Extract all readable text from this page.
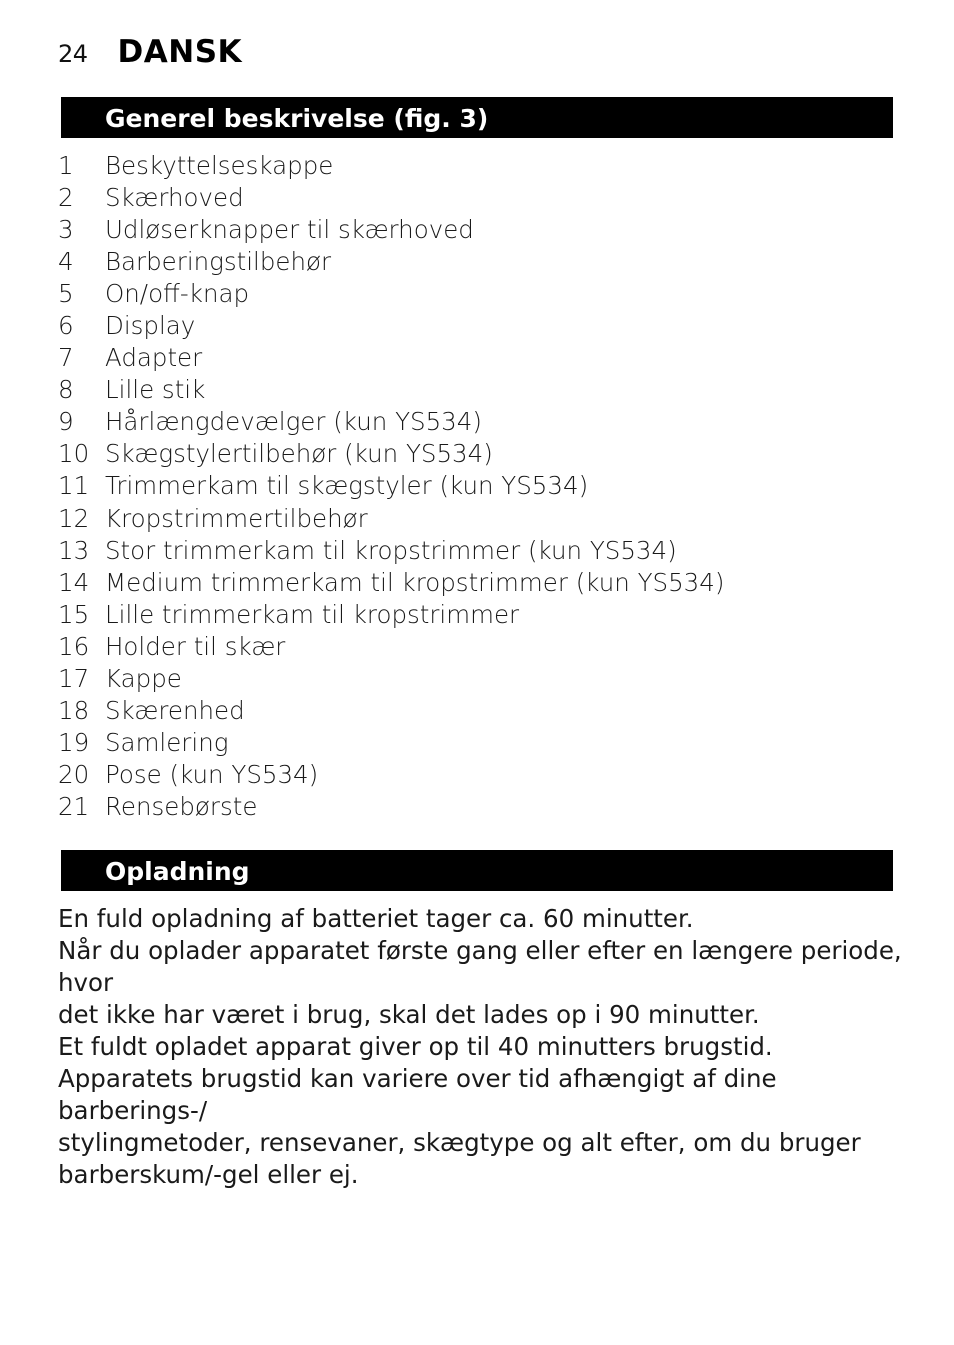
24 DANSK
Generel beskrivelse (fig. 3)
1 Beskyttelseskappe
2 Skærhoved
3 Udløserknapper til skærhoved
4 Barberingstilbehør
5 On/off-knap
6 Display
7 Adapter
8 Lille stik
9 Hårlængdevælger (kun YS534)
10 Skægstylertilbehør (kun YS534)
11 Trimmerkam til skægstyler (kun YS534)
12 Kropstrimmertilbehør
13 Stor trimmerkam til kropstrimmer (kun YS534)
14 Medium trimmerkam til kropstrimmer (kun YS534)
15 Lille trimmerkam til kropstrimmer
16 Holder til skær
17 Kappe
18 Skærenhed
19 Samlering
20 Pose (kun YS534)
21 Rensebørste
Opladning

En fuld opladning af batteriet tager ca. 60 minutter.
Når du oplader apparatet første gang eller efter en længere periode, hvor
det ikke har været i brug, skal det lades op i 90 minutter.
Et fuldt opladet apparat giver op til 40 minutters brugstid.
Apparatets brugstid kan variere over tid afhængigt af dine barberings-/
stylingmetoder, rensevaner, skægtype og alt efter, om du bruger
barberskum/-gel eller ej.
